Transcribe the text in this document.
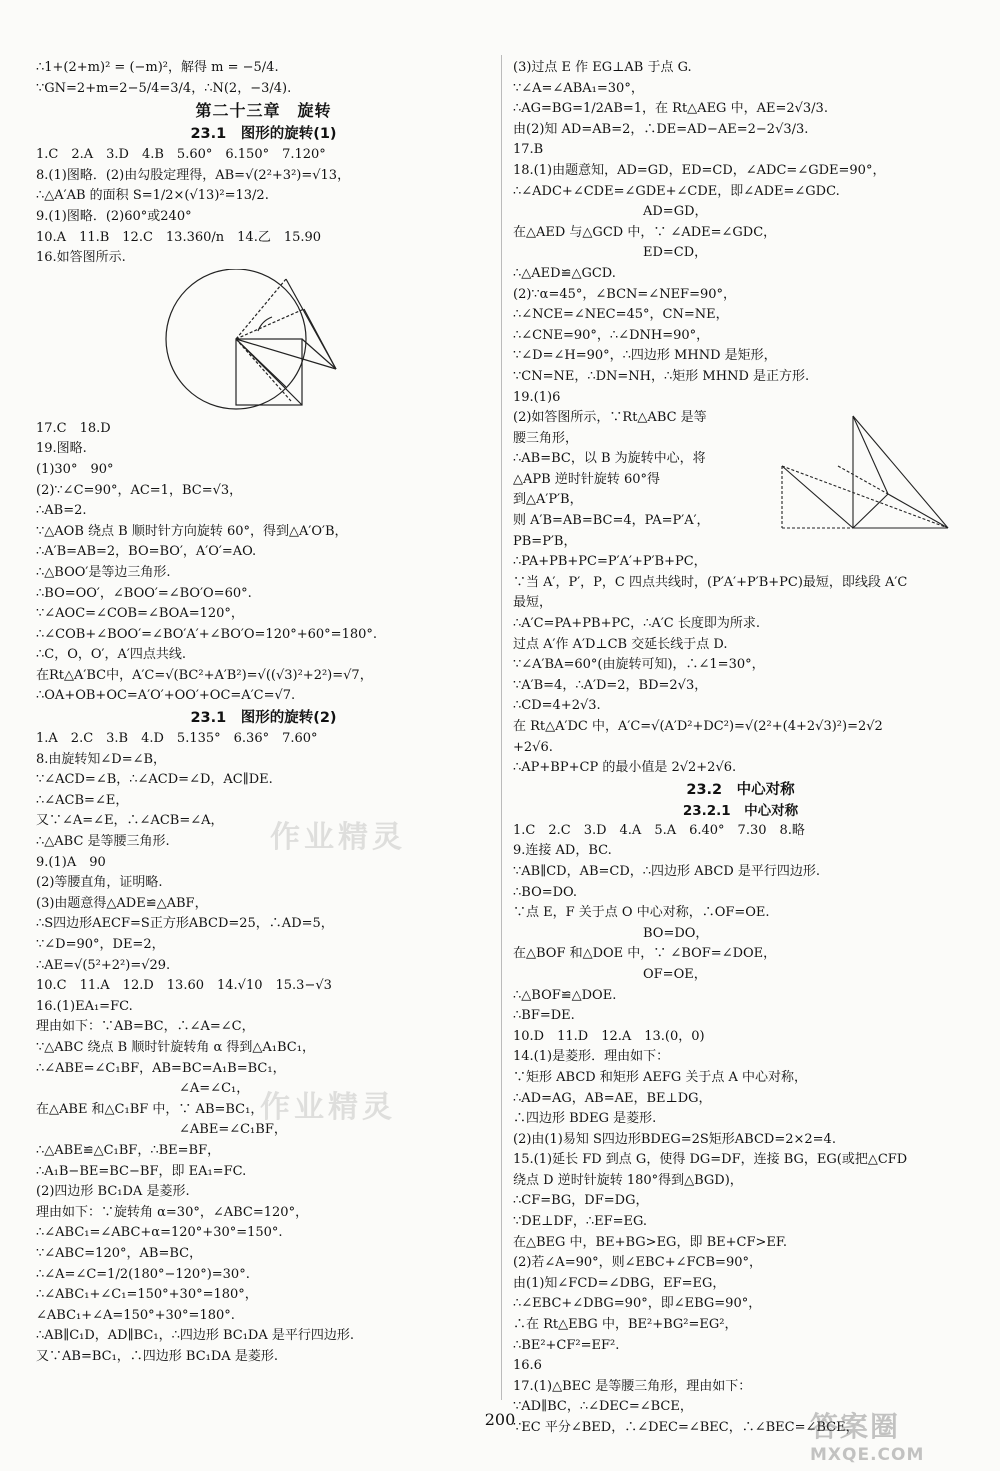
∴1+(2+m)² = (−m)²，解得 m = −5/4.
∵GN=2+m=2−5/4=3/4，∴N(2，−3/4).
第二十三章　旋转
23.1　图形的旋转(1)
1.C　2.A　3.D　4.B　5.60°　6.150°　7.120°
8.(1)图略．(2)由勾股定理得，AB=√(2²+3²)=√13，
∴△A′AB 的面积 S=1/2×(√13)²=13/2.
9.(1)图略．(2)60°或240°
10.A　11.B　12.C　13.360/n　14.乙　15.90
16.如答图所示.
17.C　18.D
19.图略.
(1)30°　90°
(2)∵∠C=90°，AC=1，BC=√3，
∴AB=2.
∵△AOB 绕点 B 顺时针方向旋转 60°，得到△A′O′B，
∴A′B=AB=2，BO=BO′，A′O′=AO.
∴△BOO′是等边三角形.
∴BO=OO′，∠BOO′=∠BO′O=60°.
∵∠AOC=∠COB=∠BOA=120°，
∴∠COB+∠BOO′=∠BO′A′+∠BO′O=120°+60°=180°.
∴C，O，O′，A′四点共线.
在Rt△A′BC中，A′C=√(BC²+A′B²)=√((√3)²+2²)=√7，
∴OA+OB+OC=A′O′+OO′+OC=A′C=√7.
23.1　图形的旋转(2)
1.A　2.C　3.B　4.D　5.135°　6.36°　7.60°
8.由旋转知∠D=∠B，
∵∠ACD=∠B，∴∠ACD=∠D，AC∥DE.
∴∠ACB=∠E，
又∵∠A=∠E，∴∠ACB=∠A，
∴△ABC 是等腰三角形.
9.(1)A　90
(2)等腰直角，证明略.
(3)由题意得△ADE≌△ABF，
∴S四边形AECF=S正方形ABCD=25，∴AD=5，
∵∠D=90°，DE=2，
∴AE=√(5²+2²)=√29.
10.C　11.A　12.D　13.60　14.√10　15.3−√3
16.(1)EA₁=FC.
理由如下：∵AB=BC，∴∠A=∠C，
∵△ABC 绕点 B 顺时针旋转角 α 得到△A₁BC₁，
∴∠ABE=∠C₁BF，AB=BC=A₁B=BC₁，
　　　　　　　　　　　∠A=∠C₁，
在△ABE 和△C₁BF 中，∵ AB=BC₁，
　　　　　　　　　　　∠ABE=∠C₁BF，
∴△ABE≌△C₁BF，∴BE=BF，
∴A₁B−BE=BC−BF，即 EA₁=FC.
(2)四边形 BC₁DA 是菱形.
理由如下：∵旋转角 α=30°，∠ABC=120°，
∴∠ABC₁=∠ABC+α=120°+30°=150°.
∵∠ABC=120°，AB=BC，
∴∠A=∠C=1/2(180°−120°)=30°.
∴∠ABC₁+∠C₁=150°+30°=180°，
∠ABC₁+∠A=150°+30°=180°.
∴AB∥C₁D，AD∥BC₁，∴四边形 BC₁DA 是平行四边形.
又∵AB=BC₁，∴四边形 BC₁DA 是菱形.
(3)过点 E 作 EG⊥AB 于点 G.
∵∠A=∠ABA₁=30°，
∴AG=BG=1/2AB=1，在 Rt△AEG 中，AE=2√3/3.
由(2)知 AD=AB=2，∴DE=AD−AE=2−2√3/3.
17.B
18.(1)由题意知，AD=GD，ED=CD，∠ADC=∠GDE=90°，
∴∠ADC+∠CDE=∠GDE+∠CDE，即∠ADE=∠GDC.
　　　　　　　　　　AD=GD，
在△AED 与△GCD 中，∵ ∠ADE=∠GDC，
　　　　　　　　　　ED=CD，
∴△AED≌△GCD.
(2)∵α=45°，∠BCN=∠NEF=90°，
∴∠NCE=∠NEC=45°，CN=NE，
∴∠CNE=90°，∴∠DNH=90°，
∵∠D=∠H=90°，∴四边形 MHND 是矩形，
∵CN=NE，∴DN=NH，∴矩形 MHND 是正方形.
19.(1)6
(2)如答图所示，∵Rt△ABC 是等
腰三角形，
∴AB=BC，以 B 为旋转中心，将
△APB 逆时针旋转 60°得
到△A′P′B，
则 A′B=AB=BC=4，PA=P′A′，
PB=P′B，
∴PA+PB+PC=P′A′+P′B+PC，
∵当 A′，P′，P，C 四点共线时，(P′A′+P′B+PC)最短，即线段 A′C
最短，
∴A′C=PA+PB+PC，∴A′C 长度即为所求.
过点 A′作 A′D⊥CB 交延长线于点 D.
∵∠A′BA=60°(由旋转可知)，∴∠1=30°，
∵A′B=4，∴A′D=2，BD=2√3，
∴CD=4+2√3.
在 Rt△A′DC 中，A′C=√(A′D²+DC²)=√(2²+(4+2√3)²)=2√2
+2√6.
∴AP+BP+CP 的最小值是 2√2+2√6.
23.2　中心对称
23.2.1　中心对称
1.C　2.C　3.D　4.A　5.A　6.40°　7.30　8.略
9.连接 AD，BC.
∵AB∥CD，AB=CD，∴四边形 ABCD 是平行四边形.
∴BO=DO.
∵点 E，F 关于点 O 中心对称，∴OF=OE.
　　　　　　　　　　BO=DO，
在△BOF 和△DOE 中，∵ ∠BOF=∠DOE，
　　　　　　　　　　OF=OE，
∴△BOF≌△DOE.
∴BF=DE.
10.D　11.D　12.A　13.(0，0)
14.(1)是菱形．理由如下：
∵矩形 ABCD 和矩形 AEFG 关于点 A 中心对称，
∴AD=AG，AB=AE，BE⊥DG，
∴四边形 BDEG 是菱形.
(2)由(1)易知 S四边形BDEG=2S矩形ABCD=2×2=4.
15.(1)延长 FD 到点 G，使得 DG=DF，连接 BG，EG(或把△CFD
绕点 D 逆时针旋转 180°得到△BGD)，
∴CF=BG，DF=DG，
∵DE⊥DF，∴EF=EG.
在△BEG 中，BE+BG>EG，即 BE+CF>EF.
(2)若∠A=90°，则∠EBC+∠FCB=90°，
由(1)知∠FCD=∠DBG，EF=EG，
∴∠EBC+∠DBG=90°，即∠EBG=90°，
∴在 Rt△EBG 中，BE²+BG²=EG²，
∴BE²+CF²=EF².
16.6
17.(1)△BEC 是等腰三角形，理由如下：
∵AD∥BC，∴∠DEC=∠BCE，
∵EC 平分∠BED，∴∠DEC=∠BEC，∴∠BEC=∠BCE，
作业精灵
作业精灵
200	答案圈
MXQE.COM
